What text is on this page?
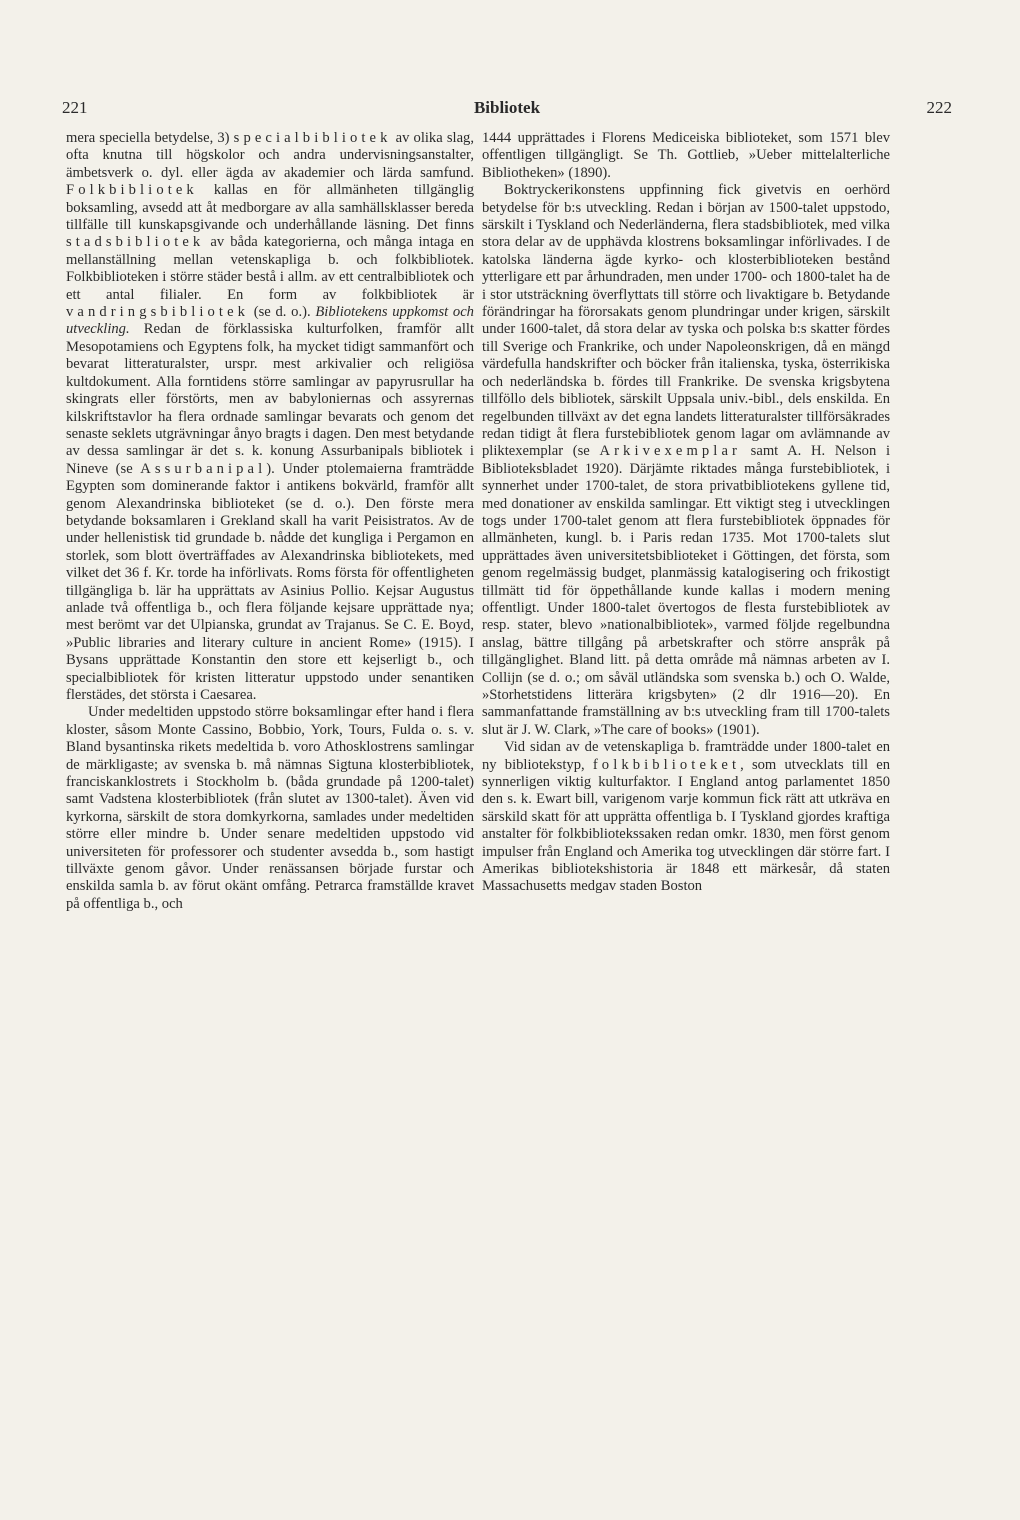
221	Bibliotek	222

mera speciella betydelse, 3) specialbibliotek av olika slag, ofta knutna till högskolor och andra undervisningsanstalter, ämbetsverk o. dyl. eller ägda av akademier och lärda samfund. Folkbibliotek kallas en för allmänheten tillgänglig boksamling, avsedd att åt medborgare av alla samhällsklasser bereda tillfälle till kunskapsgivande och underhållande läsning. Det finns stadsbibliotek av båda kategorierna, och många intaga en mellanställning mellan vetenskapliga b. och folkbibliotek. Folkbiblioteken i större städer bestå i allm. av ett centralbibliotek och ett antal filialer. En form av folkbibliotek är vandringsbibliotek (se d. o.). Bibliotekens uppkomst och utveckling. Redan de förklassiska kulturfolken, framför allt Mesopotamiens och Egyptens folk, ha mycket tidigt sammanfört och bevarat litteraturalster, urspr. mest arkivalier och religiösa kultdokument. Alla forntidens större samlingar av papyrusrullar ha skingrats eller förstörts, men av babyloniernas och assyrernas kilskriftstavlor ha flera ordnade samlingar bevarats och genom det senaste seklets utgrävningar ånyo bragts i dagen. Den mest betydande av dessa samlingar är det s. k. konung Assurbanipals bibliotek i Nineve (se Assurbanipal). Under ptolemaierna framträdde Egypten som dominerande faktor i antikens bokvärld, framför allt genom Alexandrinska biblioteket (se d. o.). Den förste mera betydande boksamlaren i Grekland skall ha varit Peisistratos. Av de under hellenistisk tid grundade b. nådde det kungliga i Pergamon en storlek, som blott överträffades av Alexandrinska bibliotekets, med vilket det 36 f. Kr. torde ha införlivats. Roms första för offentligheten tillgängliga b. lär ha upprättats av Asinius Pollio. Kejsar Augustus anlade två offentliga b., och flera följande kejsare upprättade nya; mest berömt var det Ulpianska, grundat av Trajanus. Se C. E. Boyd, »Public libraries and literary culture in ancient Rome» (1915). I Bysans upprättade Konstantin den store ett kejserligt b., och specialbibliotek för kristen litteratur uppstodo under senantiken flerstädes, det största i Caesarea.

Under medeltiden uppstodo större boksamlingar efter hand i flera kloster, såsom Monte Cassino, Bobbio, York, Tours, Fulda o. s. v. Bland bysantinska rikets medeltida b. voro Athosklostrens samlingar de märkligaste; av svenska b. må nämnas Sigtuna klosterbibliotek, franciskanklostrets i Stockholm b. (båda grundade på 1200-talet) samt Vadstena klosterbibliotek (från slutet av 1300-talet). Även vid kyrkorna, särskilt de stora domkyrkorna, samlades under medeltiden större eller mindre b. Under senare medeltiden uppstodo vid universiteten för professorer och studenter avsedda b., som hastigt tillväxte genom gåvor. Under renässansen började furstar och enskilda samla b. av förut okänt omfång. Petrarca framställde kravet på offentliga b., och

1444 upprättades i Florens Mediceiska biblioteket, som 1571 blev offentligen tillgängligt. Se Th. Gottlieb, »Ueber mittelalterliche Bibliotheken» (1890).

Boktryckerikonstens uppfinning fick givetvis en oerhörd betydelse för b:s utveckling. Redan i början av 1500-talet uppstodo, särskilt i Tyskland och Nederländerna, flera stadsbibliotek, med vilka stora delar av de upphävda klostrens boksamlingar införlivades. I de katolska länderna ägde kyrko- och klosterbiblioteken bestånd ytterligare ett par århundraden, men under 1700- och 1800-talet ha de i stor utsträckning överflyttats till större och livaktigare b. Betydande förändringar ha förorsakats genom plundringar under krigen, särskilt under 1600-talet, då stora delar av tyska och polska b:s skatter fördes till Sverige och Frankrike, och under Napoleonskrigen, då en mängd värdefulla handskrifter och böcker från italienska, tyska, österrikiska och nederländska b. fördes till Frankrike. De svenska krigsbytena tillföllo dels bibliotek, särskilt Uppsala univ.-bibl., dels enskilda. En regelbunden tillväxt av det egna landets litteraturalster tillförsäkrades redan tidigt åt flera furstebibliotek genom lagar om avlämnande av pliktexemplar (se Arkivexemplar samt A. H. Nelson i Biblioteksbladet 1920). Därjämte riktades många furstebibliotek, i synnerhet under 1700-talet, de stora privatbibliotekens gyllene tid, med donationer av enskilda samlingar. Ett viktigt steg i utvecklingen togs under 1700-talet genom att flera furstebibliotek öppnades för allmänheten, kungl. b. i Paris redan 1735. Mot 1700-talets slut upprättades även universitetsbiblioteket i Göttingen, det första, som genom regelmässig budget, planmässig katalogisering och frikostigt tillmätt tid för öppethållande kunde kallas i modern mening offentligt. Under 1800-talet övertogos de flesta furstebibliotek av resp. stater, blevo »nationalbibliotek», varmed följde regelbundna anslag, bättre tillgång på arbetskrafter och större anspråk på tillgänglighet. Bland litt. på detta område må nämnas arbeten av I. Collijn (se d. o.; om såväl utländska som svenska b.) och O. Walde, »Storhetstidens litterära krigsbyten» (2 dlr 1916—20). En sammanfattande framställning av b:s utveckling fram till 1700-talets slut är J. W. Clark, »The care of books» (1901).

Vid sidan av de vetenskapliga b. framträdde under 1800-talet en ny bibliotekstyp, folkbiblioteket, som utvecklats till en synnerligen viktig kulturfaktor. I England antog parlamentet 1850 den s. k. Ewart bill, varigenom varje kommun fick rätt att utkräva en särskild skatt för att upprätta offentliga b. I Tyskland gjordes kraftiga anstalter för folkbibliotekssaken redan omkr. 1830, men först genom impulser från England och Amerika tog utvecklingen där större fart. I Amerikas bibliotekshistoria är 1848 ett märkesår, då staten Massachusetts medgav staden Boston
